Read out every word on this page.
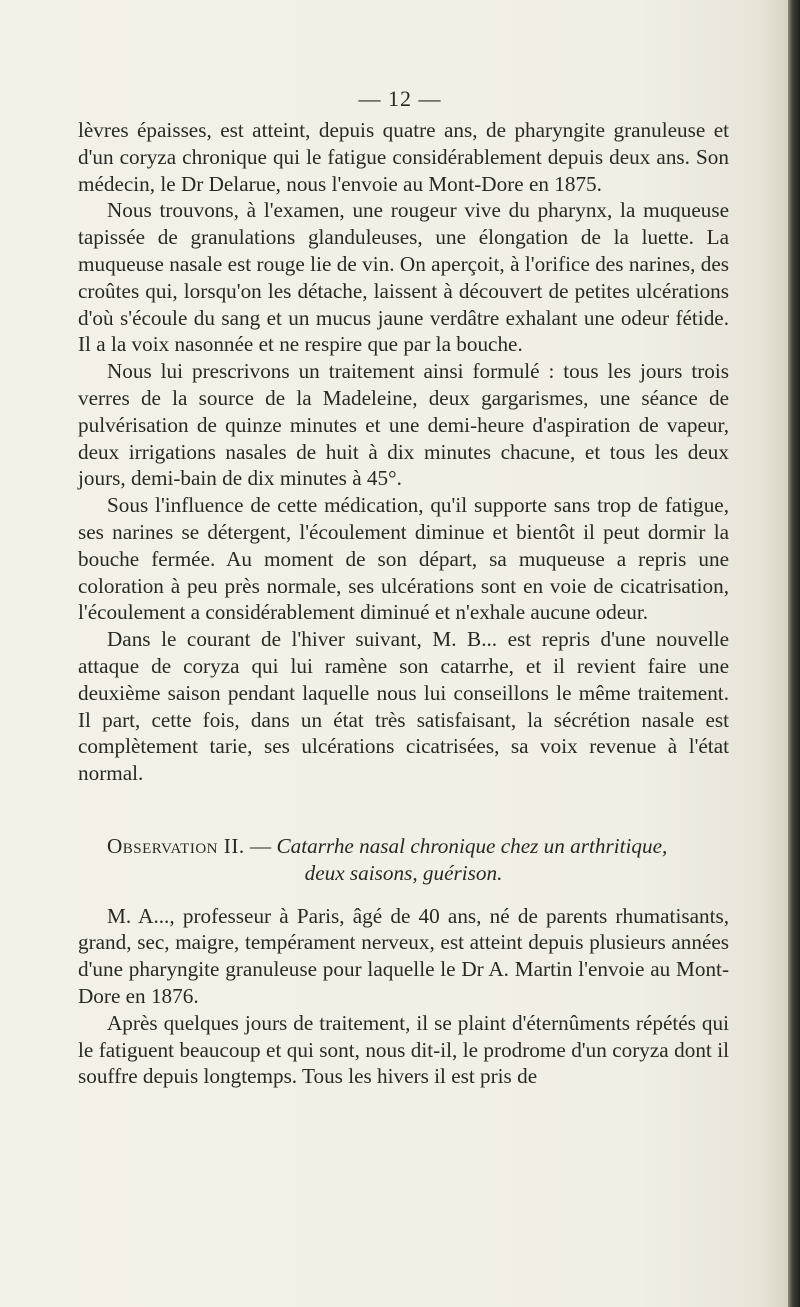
— 12 —

lèvres épaisses, est atteint, depuis quatre ans, de pharyngite granuleuse et d'un coryza chronique qui le fatigue considérablement depuis deux ans. Son médecin, le Dr Delarue, nous l'envoie au Mont-Dore en 1875.

Nous trouvons, à l'examen, une rougeur vive du pharynx, la muqueuse tapissée de granulations glanduleuses, une élongation de la luette. La muqueuse nasale est rouge lie de vin. On aperçoit, à l'orifice des narines, des croûtes qui, lorsqu'on les détache, laissent à découvert de petites ulcérations d'où s'écoule du sang et un mucus jaune verdâtre exhalant une odeur fétide. Il a la voix nasonnée et ne respire que par la bouche.

Nous lui prescrivons un traitement ainsi formulé : tous les jours trois verres de la source de la Madeleine, deux gargarismes, une séance de pulvérisation de quinze minutes et une demi-heure d'aspiration de vapeur, deux irrigations nasales de huit à dix minutes chacune, et tous les deux jours, demi-bain de dix minutes à 45°.

Sous l'influence de cette médication, qu'il supporte sans trop de fatigue, ses narines se détergent, l'écoulement diminue et bientôt il peut dormir la bouche fermée. Au moment de son départ, sa muqueuse a repris une coloration à peu près normale, ses ulcérations sont en voie de cicatrisation, l'écoulement a considérablement diminué et n'exhale aucune odeur.

Dans le courant de l'hiver suivant, M. B... est repris d'une nouvelle attaque de coryza qui lui ramène son catarrhe, et il revient faire une deuxième saison pendant laquelle nous lui conseillons le même traitement. Il part, cette fois, dans un état très satisfaisant, la sécrétion nasale est complètement tarie, ses ulcérations cicatrisées, sa voix revenue à l'état normal.

Observation II. — Catarrhe nasal chronique chez un arthritique,

deux saisons, guérison.

M. A..., professeur à Paris, âgé de 40 ans, né de parents rhumatisants, grand, sec, maigre, tempérament nerveux, est atteint depuis plusieurs années d'une pharyngite granuleuse pour laquelle le Dr A. Martin l'envoie au Mont-Dore en 1876.

Après quelques jours de traitement, il se plaint d'éternûments répétés qui le fatiguent beaucoup et qui sont, nous dit-il, le prodrome d'un coryza dont il souffre depuis longtemps. Tous les hivers il est pris de
